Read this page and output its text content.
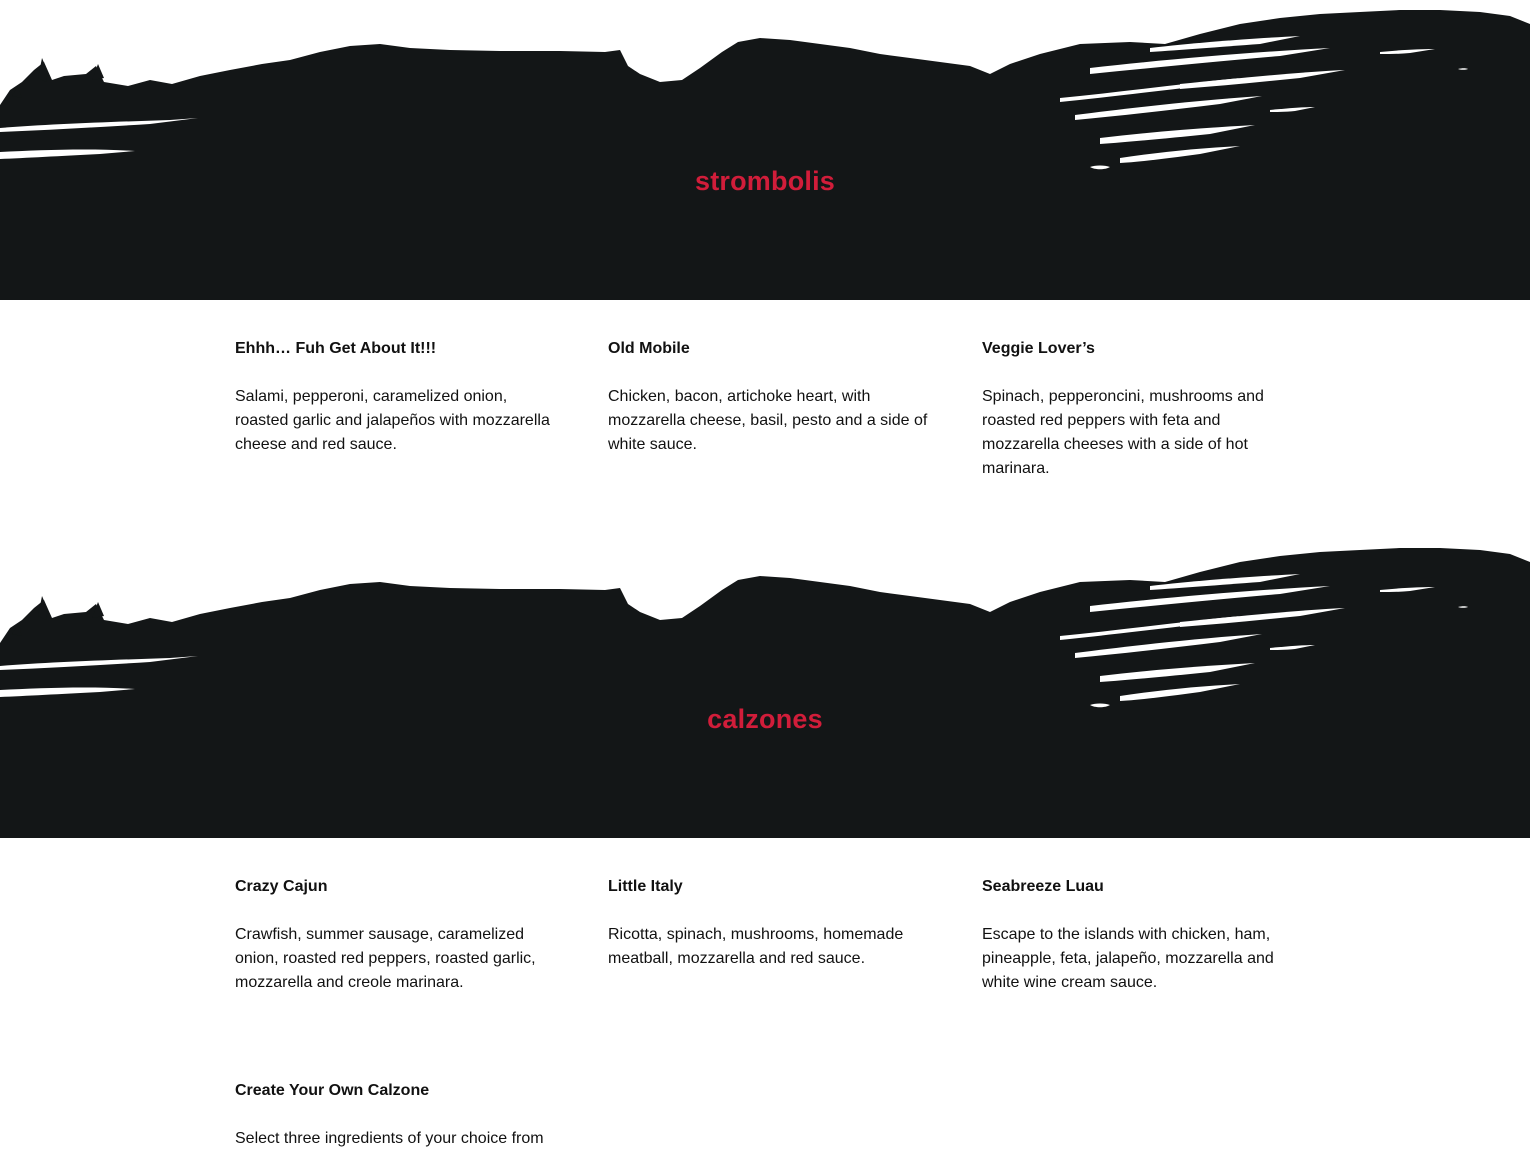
strombolis

Ehhh… Fuh Get About It!!!

Salami, pepperoni, caramelized onion, roasted garlic and jalapeños with mozzarella cheese and red sauce.

Old Mobile

Chicken, bacon, artichoke heart, with mozzarella cheese, basil, pesto and a side of white sauce.

Veggie Lover’s

Spinach, pepperoncini, mushrooms and roasted red peppers with feta and mozzarella cheeses with a side of hot marinara.

calzones

Crazy Cajun

Crawfish, summer sausage, caramelized onion, roasted red peppers, roasted garlic, mozzarella and creole marinara.

Little Italy

Ricotta, spinach, mushrooms, homemade meatball, mozzarella and red sauce.

Seabreeze Luau

Escape to the islands with chicken, ham, pineapple, feta, jalapeño, mozzarella and white wine cream sauce.

Create Your Own Calzone

Select three ingredients of your choice from
